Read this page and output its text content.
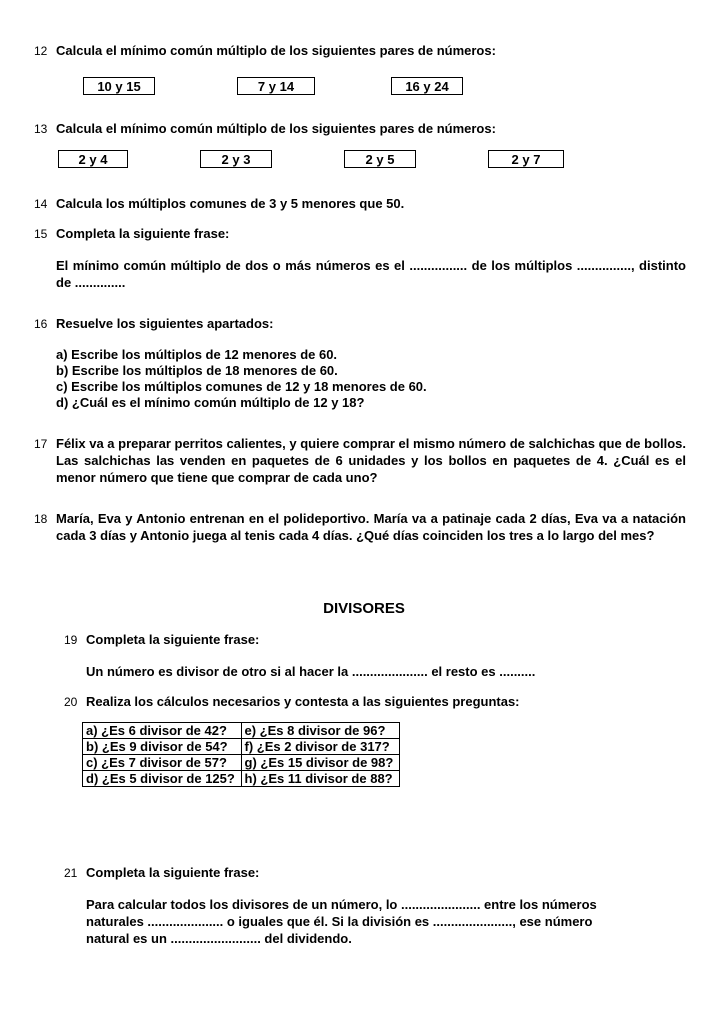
12 Calcula el mínimo común múltiplo de los siguientes pares de números:
10 y 15	7 y 14	16 y 24
13 Calcula el mínimo común múltiplo de los siguientes pares de números:
2 y 4	2 y 3	2 y 5	2 y 7
14 Calcula los múltiplos comunes de 3 y 5 menores que 50.
15 Completa la siguiente frase:
El mínimo común múltiplo de dos o más números es el ................ de los múltiplos ..............., distinto de ..............
16 Resuelve los siguientes apartados:
a) Escribe los múltiplos de 12 menores de 60.
b) Escribe los múltiplos de 18 menores de 60.
c) Escribe los múltiplos comunes de 12 y 18 menores de 60.
d) ¿Cuál es el mínimo común múltiplo de 12 y 18?
17 Félix va a preparar perritos calientes, y quiere comprar el mismo número de salchichas que de bollos. Las salchichas las venden en paquetes de 6 unidades y los bollos en paquetes de 4. ¿Cuál es el menor número que tiene que comprar de cada uno?
18 María, Eva y Antonio entrenan en el polideportivo. María va a patinaje cada 2 días, Eva va a natación cada 3 días y Antonio juega al tenis cada 4 días. ¿Qué días coinciden los tres a lo largo del mes?
DIVISORES
19 Completa la siguiente frase:
Un número es divisor de otro si al hacer la ..................... el resto es ..........
20 Realiza los cálculos necesarios y contesta a las siguientes preguntas:
a) ¿Es 6 divisor de 42?	e) ¿Es 8 divisor de 96?
b) ¿Es 9 divisor de 54?	f) ¿Es 2 divisor de 317?
c) ¿Es 7 divisor de 57?	g) ¿Es 15 divisor de 98?
d) ¿Es 5 divisor de 125?	h) ¿Es 11 divisor de 88?
21 Completa la siguiente frase:
Para calcular todos los divisores de un número, lo ...................... entre los números naturales ..................... o iguales que él. Si la división es ......................, ese número natural es un ......................... del dividendo.
